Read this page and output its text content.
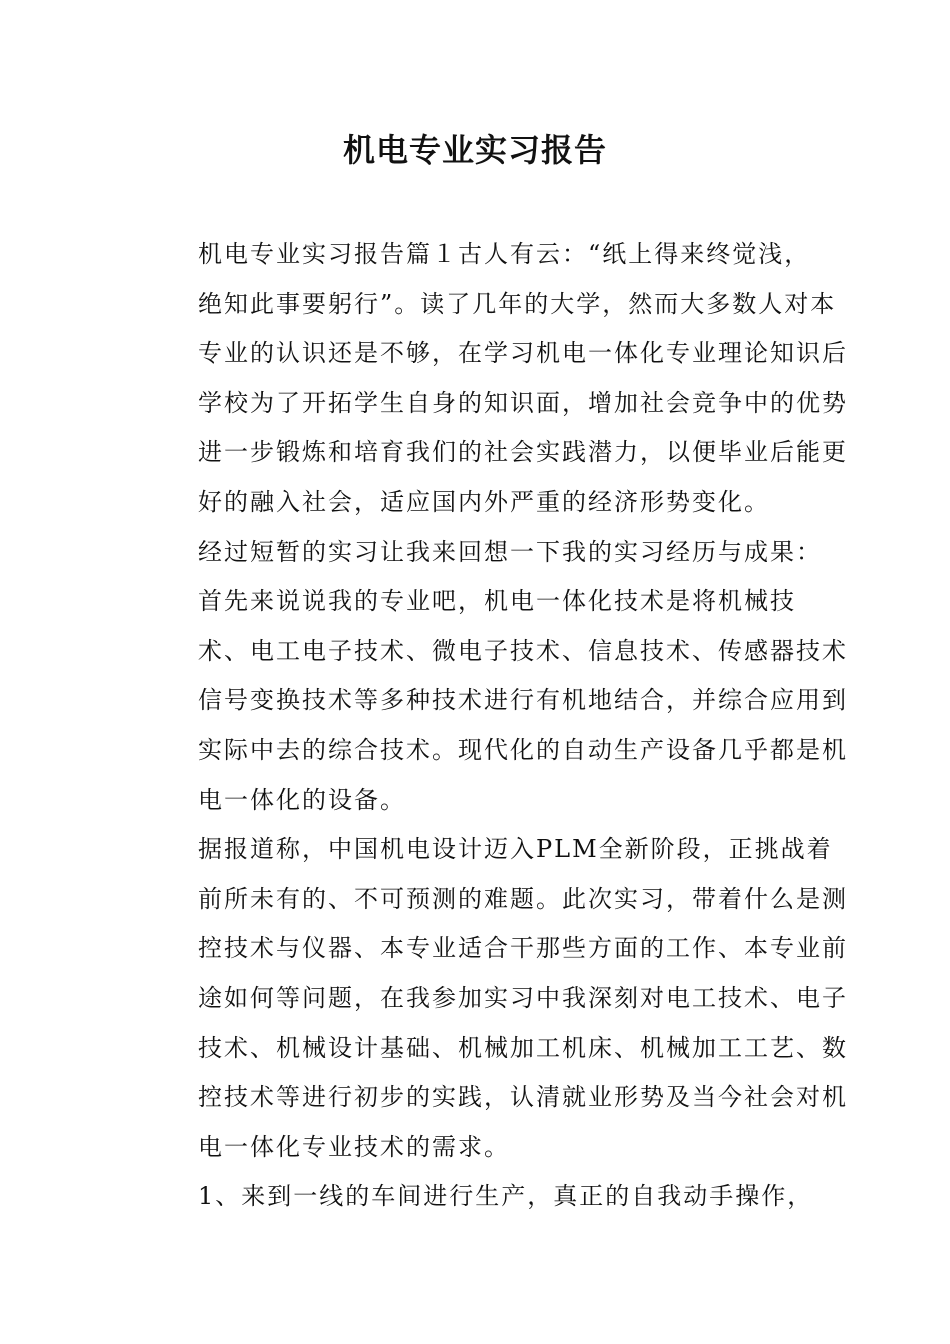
机电专业实习报告

机电专业实习报告篇１古人有云：“纸上得来终觉浅，
绝知此事要躬行”。读了几年的大学，然而大多数人对本
专业的认识还是不够，在学习机电一体化专业理论知识后
学校为了开拓学生自身的知识面，增加社会竞争中的优势
进一步锻炼和培育我们的社会实践潜力，以便毕业后能更
好的融入社会，适应国内外严重的经济形势变化。

经过短暂的实习让我来回想一下我的实习经历与成果：

首先来说说我的专业吧，机电一体化技术是将机械技
术、电工电子技术、微电子技术、信息技术、传感器技术
信号变换技术等多种技术进行有机地结合，并综合应用到
实际中去的综合技术。现代化的自动生产设备几乎都是机
电一体化的设备。

据报道称，中国机电设计迈入PLM全新阶段，正挑战着
前所未有的、不可预测的难题。此次实习，带着什么是测
控技术与仪器、本专业适合干那些方面的工作、本专业前
途如何等问题，在我参加实习中我深刻对电工技术、电子
技术、机械设计基础、机械加工机床、机械加工工艺、数
控技术等进行初步的实践，认清就业形势及当今社会对机
电一体化专业技术的需求。

1、来到一线的车间进行生产，真正的自我动手操作，
